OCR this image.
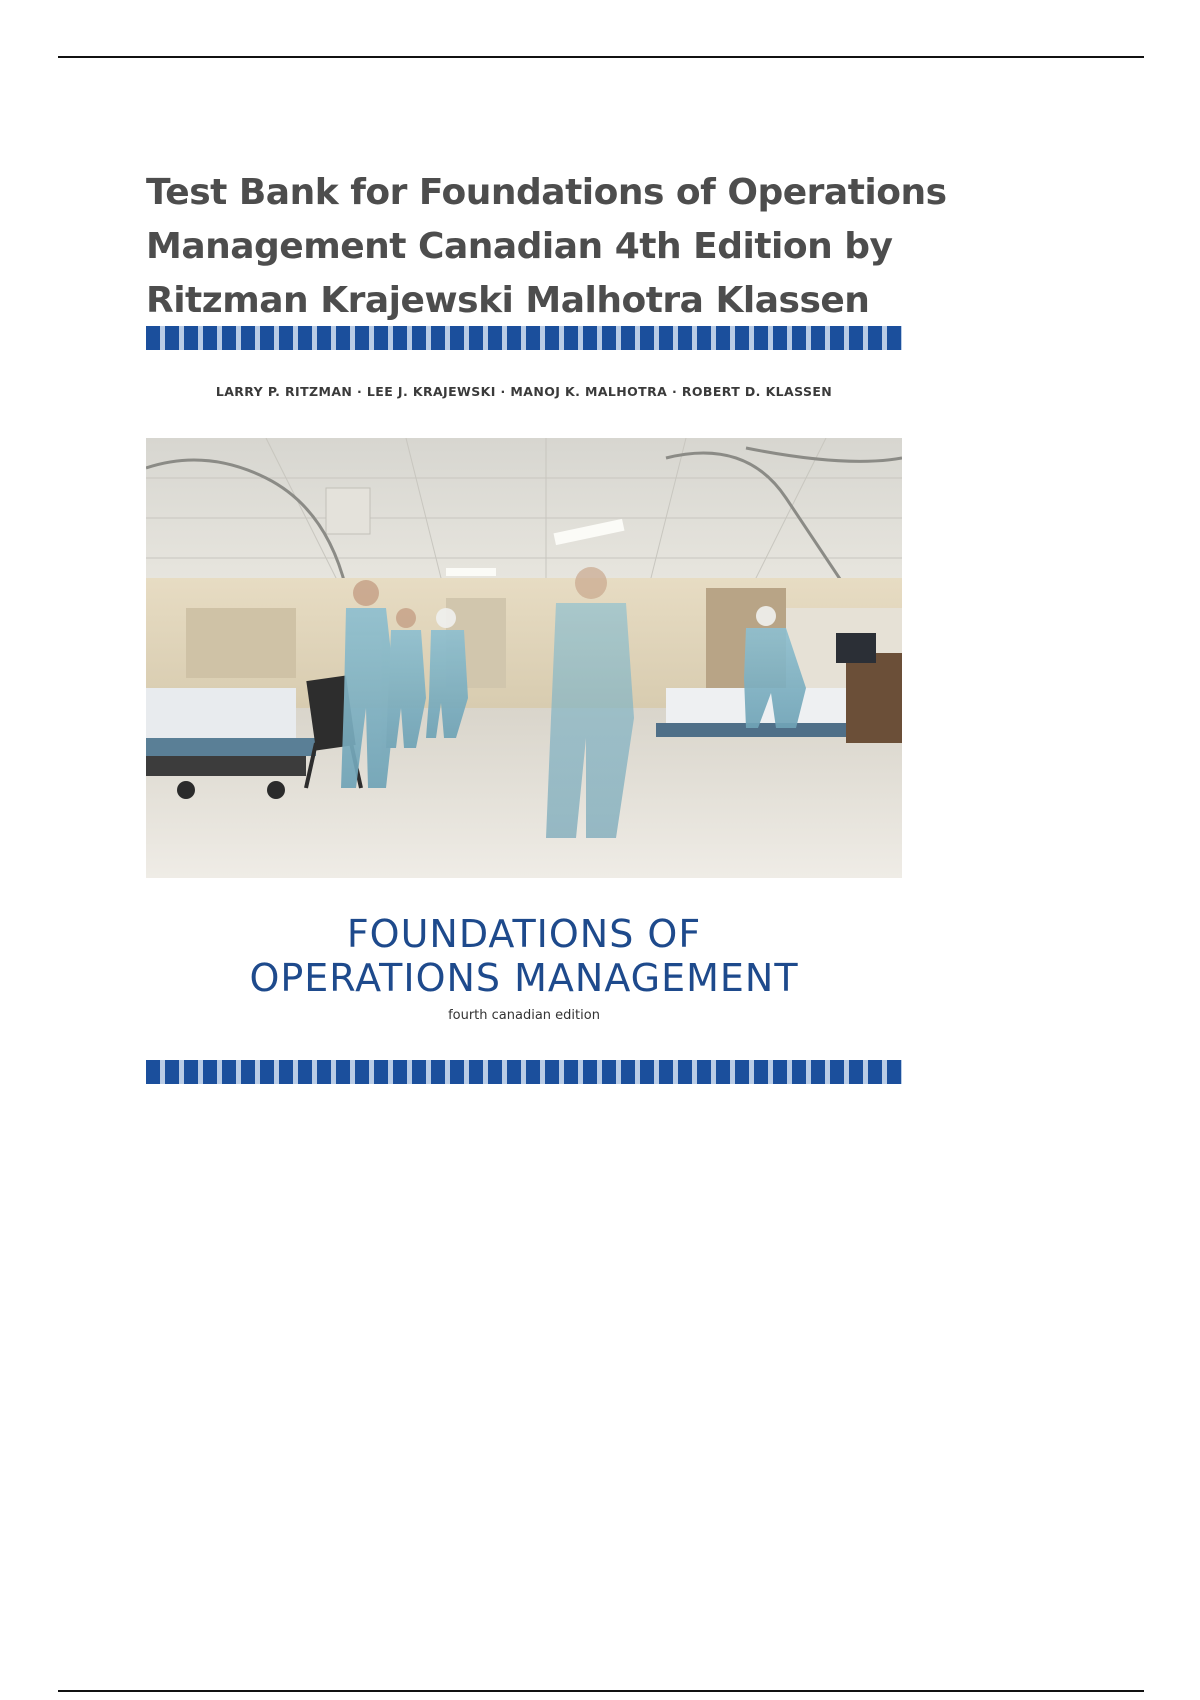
Test Bank for Foundations of Operations Management Canadian 4th Edition by Ritzman Krajewski Malhotra Klassen
LARRY P. RITZMAN · LEE J. KRAJEWSKI · MANOJ K. MALHOTRA · ROBERT D. KLASSEN
FOUNDATIONS OF
OPERATIONS MANAGEMENT
fourth canadian edition
